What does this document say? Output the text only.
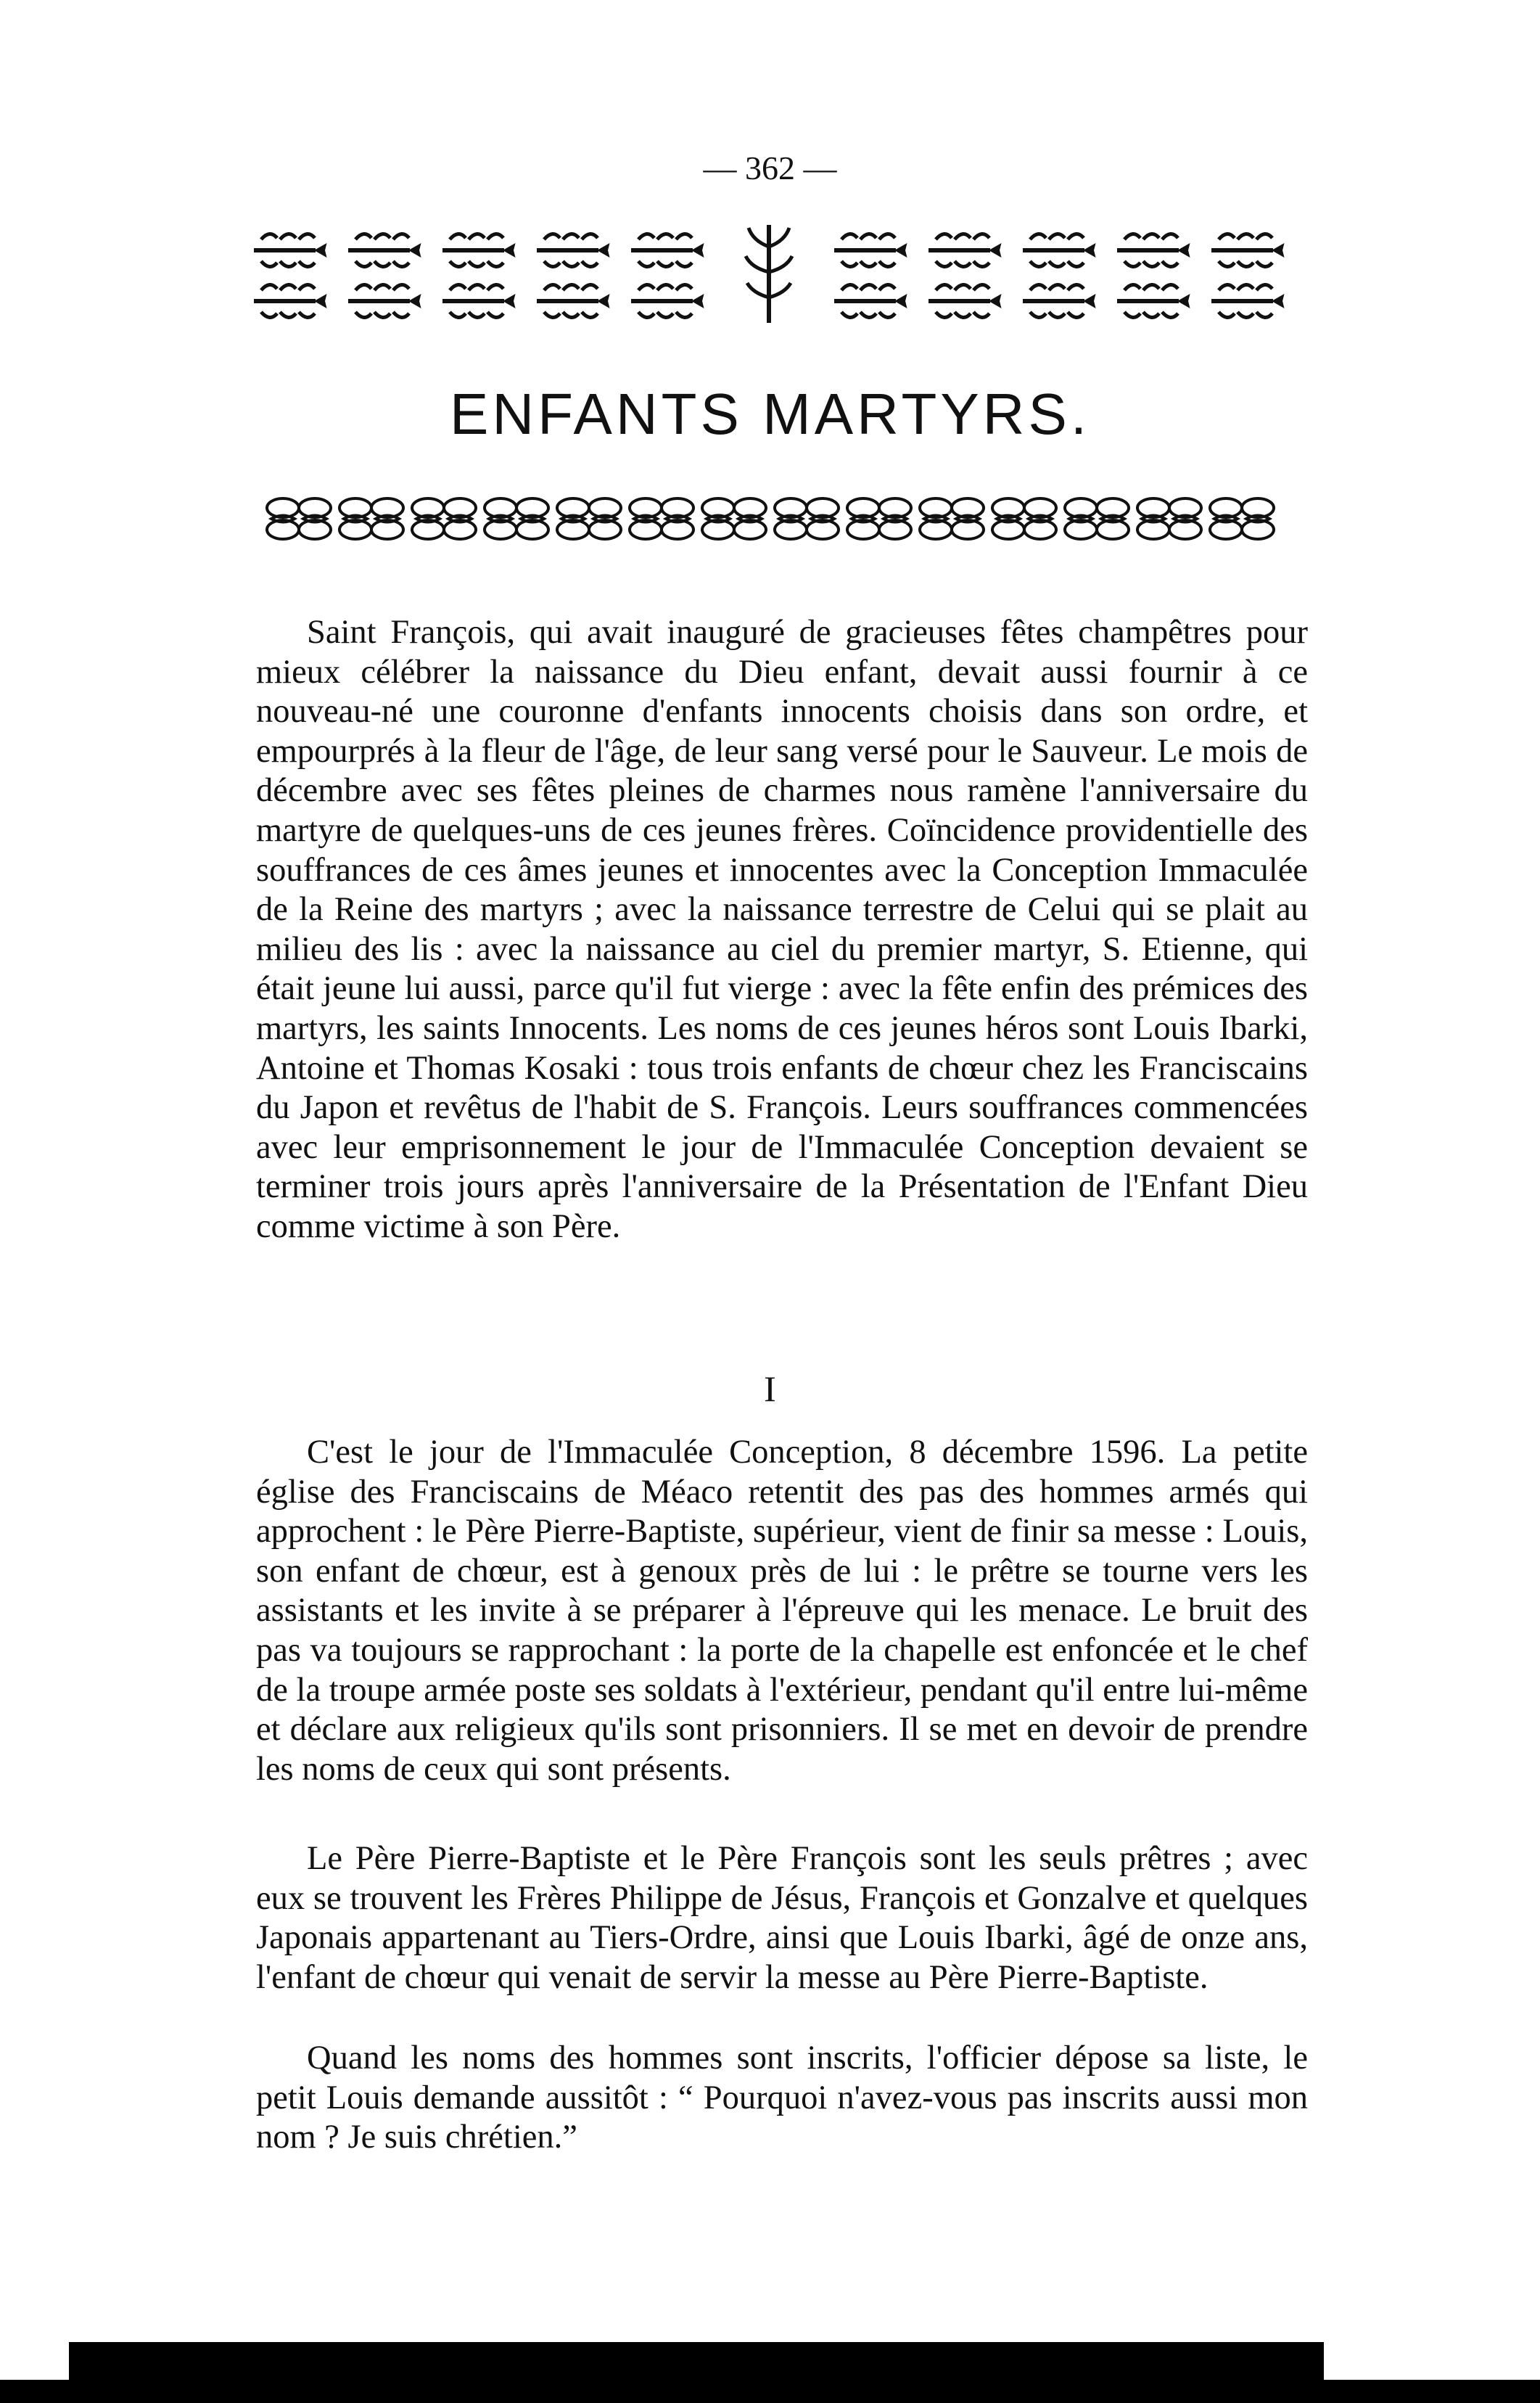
— 362 —
ENFANTS MARTYRS.

Saint François, qui avait inauguré de gracieuses fêtes champêtres pour mieux célébrer la naissance du Dieu enfant, devait aussi fournir à ce nouveau-né une couronne d'enfants innocents choisis dans son ordre, et empourprés à la fleur de l'âge, de leur sang versé pour le Sauveur. Le mois de décembre avec ses fêtes pleines de charmes nous ramène l'anniversaire du martyre de quelques-uns de ces jeunes frères. Coïncidence providentielle des souffrances de ces âmes jeunes et innocentes avec la Conception Immaculée de la Reine des martyrs ; avec la naissance terrestre de Celui qui se plait au milieu des lis : avec la naissance au ciel du premier martyr, S. Etienne, qui était jeune lui aussi, parce qu'il fut vierge : avec la fête enfin des prémices des martyrs, les saints Innocents. Les noms de ces jeunes héros sont Louis Ibarki, Antoine et Thomas Kosaki : tous trois enfants de chœur chez les Franciscains du Japon et revêtus de l'habit de S. François. Leurs souffrances commencées avec leur emprisonnement le jour de l'Immaculée Conception devaient se terminer trois jours après l'anniversaire de la Présentation de l'Enfant Dieu comme victime à son Père.

I

C'est le jour de l'Immaculée Conception, 8 décembre 1596. La petite église des Franciscains de Méaco retentit des pas des hommes armés qui approchent : le Père Pierre-Baptiste, supérieur, vient de finir sa messe : Louis, son enfant de chœur, est à genoux près de lui : le prêtre se tourne vers les assistants et les invite à se préparer à l'épreuve qui les menace. Le bruit des pas va toujours se rapprochant : la porte de la chapelle est enfoncée et le chef de la troupe armée poste ses soldats à l'extérieur, pendant qu'il entre lui-même et déclare aux religieux qu'ils sont prisonniers. Il se met en devoir de prendre les noms de ceux qui sont présents.

Le Père Pierre-Baptiste et le Père François sont les seuls prêtres ; avec eux se trouvent les Frères Philippe de Jésus, François et Gonzalve et quelques Japonais appartenant au Tiers-Ordre, ainsi que Louis Ibarki, âgé de onze ans, l'enfant de chœur qui venait de servir la messe au Père Pierre-Baptiste.

Quand les noms des hommes sont inscrits, l'officier dépose sa liste, le petit Louis demande aussitôt : “ Pourquoi n'avez-vous pas inscrits aussi mon nom ? Je suis chrétien.”
